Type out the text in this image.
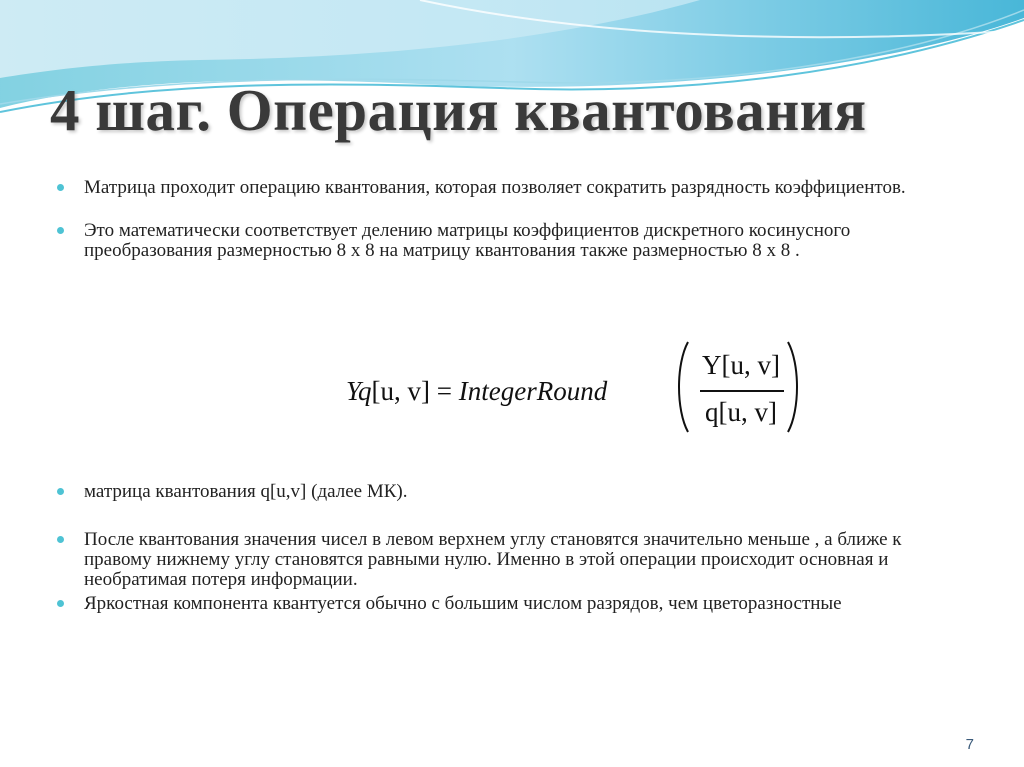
4 шаг. Операция квантования
Матрица проходит операцию квантования, которая позволяет сократить разрядность коэффициентов.
Это математически соответствует делению матрицы коэффициентов дискретного косинусного преобразования размерностью 8 x 8 на матрицу квантования также размерностью 8 x 8 .
Yq[u, v] = IntegerRound
Y[u, v]
q[u, v]
матрица квантования q[u,v] (далее МК).
После квантования значения чисел в левом верхнем углу становятся значительно меньше , а ближе к правому нижнему углу становятся равными нулю. Именно в этой операции происходит основная и необратимая потеря информации.
Яркостная компонента квантуется обычно с большим числом разрядов, чем цветоразностные
7
